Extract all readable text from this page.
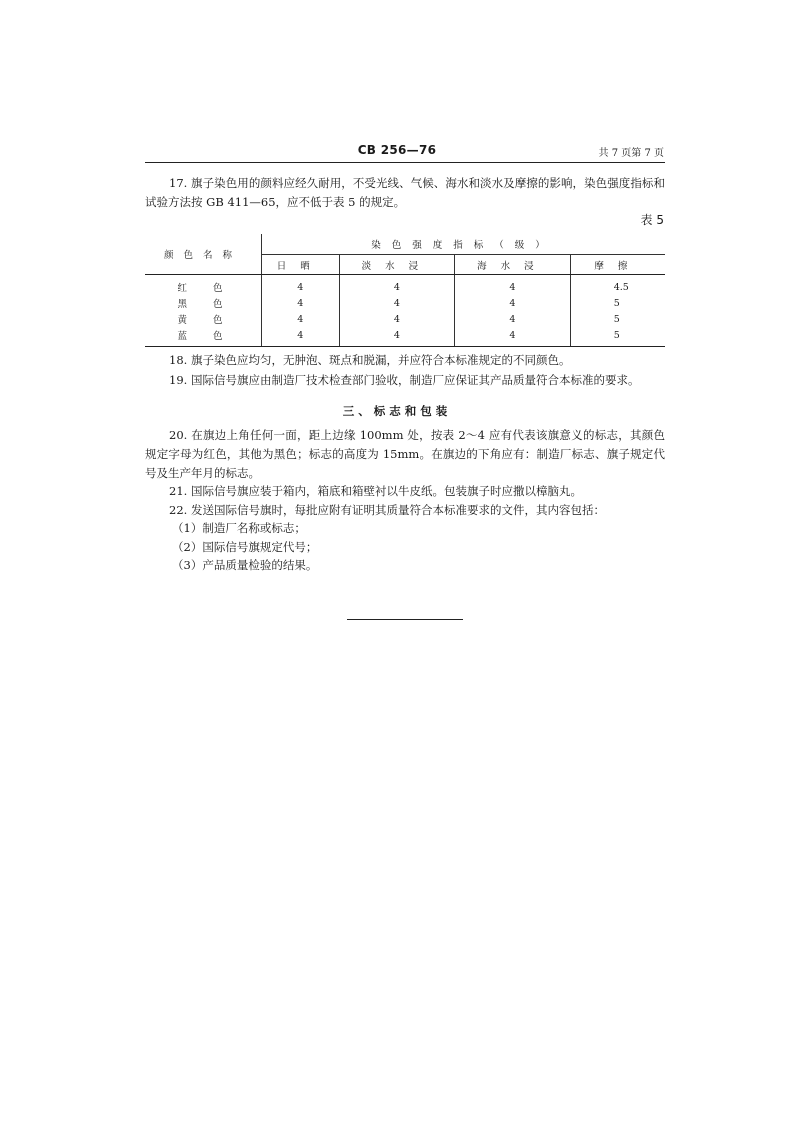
CB 256—76	共 7 页第 7 页
17. 旗子染色用的颜料应经久耐用，不受光线、气候、海水和淡水及摩擦的影响，染色强度指标和试验方法按 GB 411—65，应不低于表 5 的规定。
表 5
颜色名称	染色强度指标（级）			
	日晒	淡水浸	海水浸	摩擦
红色	4	4	4	4.5
黑色	4	4	4	5
黄色	4	4	4	5
蓝色	4	4	4	5
18. 旗子染色应均匀，无肿泡、斑点和脱漏，并应符合本标准规定的不同颜色。
19. 国际信号旗应由制造厂技术检查部门验收，制造厂应保证其产品质量符合本标准的要求。
三、标志和包装
20. 在旗边上角任何一面，距上边缘 100mm 处，按表 2～4 应有代表该旗意义的标志，其颜色规定字母为红色，其他为黑色；标志的高度为 15mm。在旗边的下角应有：制造厂标志、旗子规定代号及生产年月的标志。
21. 国际信号旗应装于箱内，箱底和箱壁衬以牛皮纸。包装旗子时应撒以樟脑丸。
22. 发送国际信号旗时，每批应附有证明其质量符合本标准要求的文件，其内容包括：
（1）制造厂名称或标志；
（2）国际信号旗规定代号；
（3）产品质量检验的结果。
